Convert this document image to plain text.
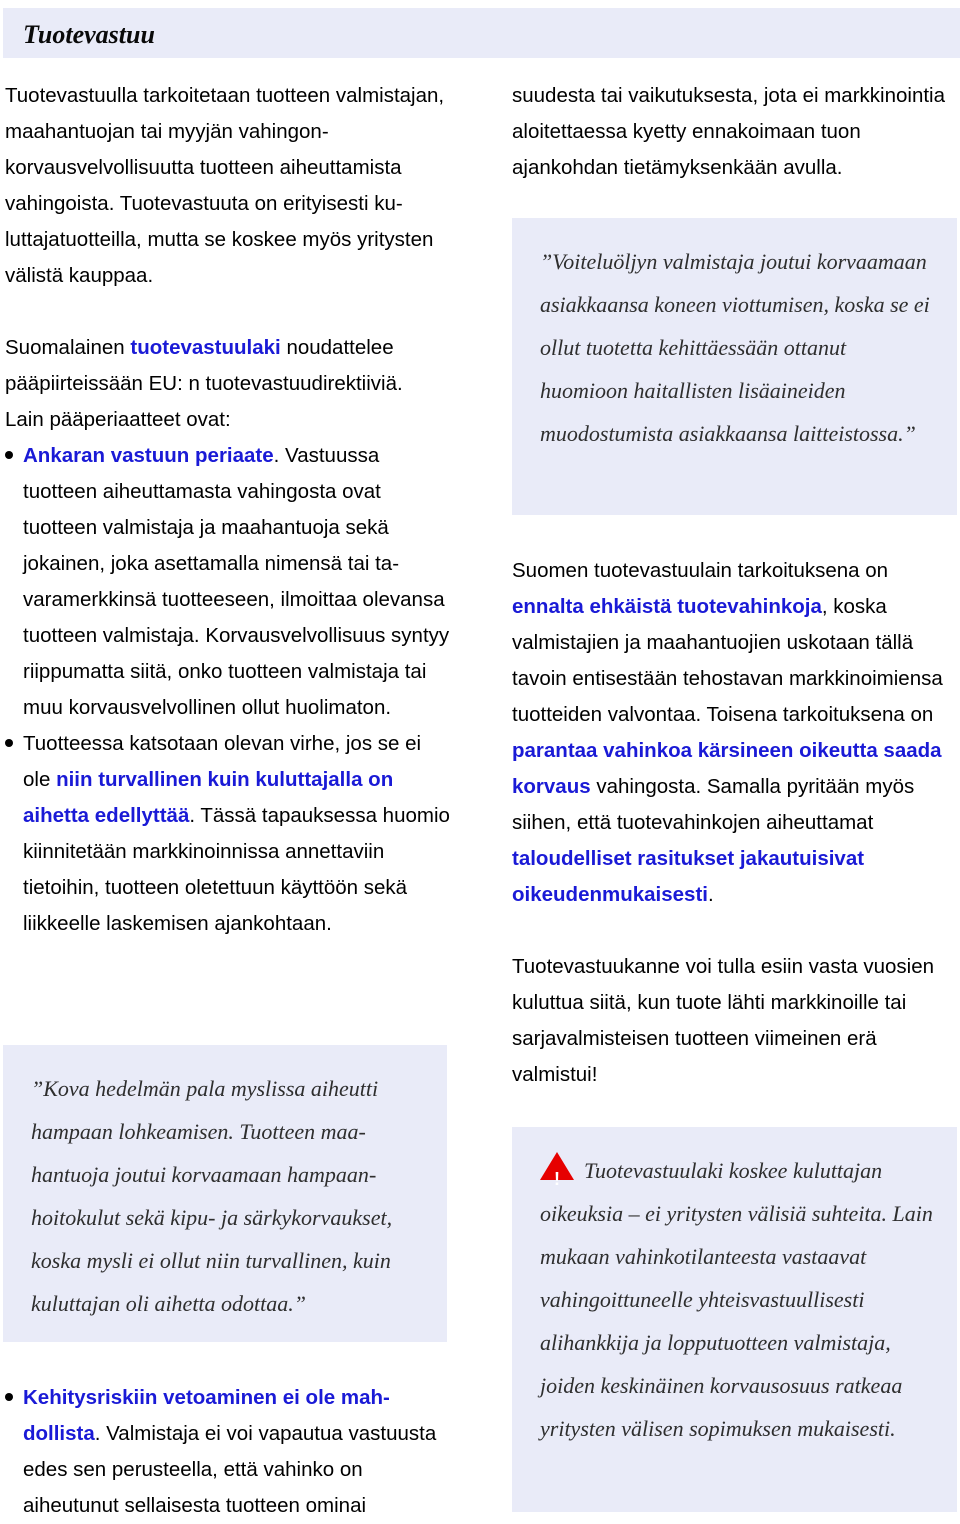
Tuotevastuu

Tuotevastuulla tarkoitetaan tuotteen valmistajan, maahantuojan tai myyjän vahingonkorvausvelvollisuutta tuotteen aiheuttamista vahingoista. Tuotevastuuta on erityisesti kuluttajatuotteilla, mutta se koskee myös yritysten välistä kauppaa.

Suomalainen tuotevastuulaki noudattelee pääpiirteissään EU: n tuotevastuudirektiiviä.

Lain pääperiaatteet ovat:

Ankaran vastuun periaate. Vastuussa tuotteen aiheuttamasta vahingosta ovat tuotteen valmistaja ja maahantuoja sekä jokainen, joka asettamalla nimensä tai tavaramerkkinsä tuotteeseen, ilmoittaa olevansa tuotteen valmistaja. Korvausvelvollisuus syntyy riippumatta siitä, onko tuotteen valmistaja tai muu korvausvelvollinen ollut huolimaton.

Tuotteessa katsotaan olevan virhe, jos se ei ole niin turvallinen kuin kuluttajalla on aihetta edellyttää. Tässä tapauksessa huomio kiinnitetään markkinoinnissa annettaviin tietoihin, tuotteen oletettuun käyttöön sekä liikkeelle laskemisen ajankohtaan.

”Kova hedelmän pala myslissa aiheutti hampaan lohkeamisen. Tuotteen maahantuoja joutui korvaamaan hampaanhoitokulut sekä kipu- ja särkykorvaukset, koska mysli ei ollut niin turvallinen, kuin kuluttajan oli aihetta odottaa.”

Kehitysriskiin vetoaminen ei ole mahdollista. Valmistaja ei voi vapautua vastuusta edes sen perusteella, että vahinko on aiheutunut sellaisesta tuotteen ominai

suudesta tai vaikutuksesta, jota ei markkinointia aloitettaessa kyetty ennakoimaan tuon ajankohdan tietämyksenkään avulla.

”Voiteluöljyn valmistaja joutui korvaamaan asiakkaansa koneen viottumisen, koska se ei ollut tuotetta kehittäessään ottanut huomioon haitallisten lisäaineiden muodostumista asiakkaansa laitteistossa.”

Suomen tuotevastuulain tarkoituksena on ennalta ehkäistä tuotevahinkoja, koska valmistajien ja maahantuojien uskotaan tällä tavoin entisestään tehostavan markkinoimiensa tuotteiden valvontaa. Toisena tarkoituksena on parantaa vahinkoa kärsineen oikeutta saada korvaus vahingosta. Samalla pyritään myös siihen, että tuotevahinkojen aiheuttamat taloudelliset rasitukset jakautuisivat oikeudenmukaisesti.

Tuotevastuukanne voi tulla esiin vasta vuosien kuluttua siitä, kun tuote lähti markkinoille tai sarjavalmisteisen tuotteen viimeinen erä valmistui!

! Tuotevastuulaki koskee kuluttajan oikeuksia – ei yritysten välisiä suhteita. Lain mukaan vahinkotilanteesta vastaavat vahingoittuneelle yhteisvastuullisesti alihankkija ja lopputuotteen valmistaja, joiden keskinäinen korvausosuus ratkeaa yritysten välisen sopimuksen mukaisesti.
